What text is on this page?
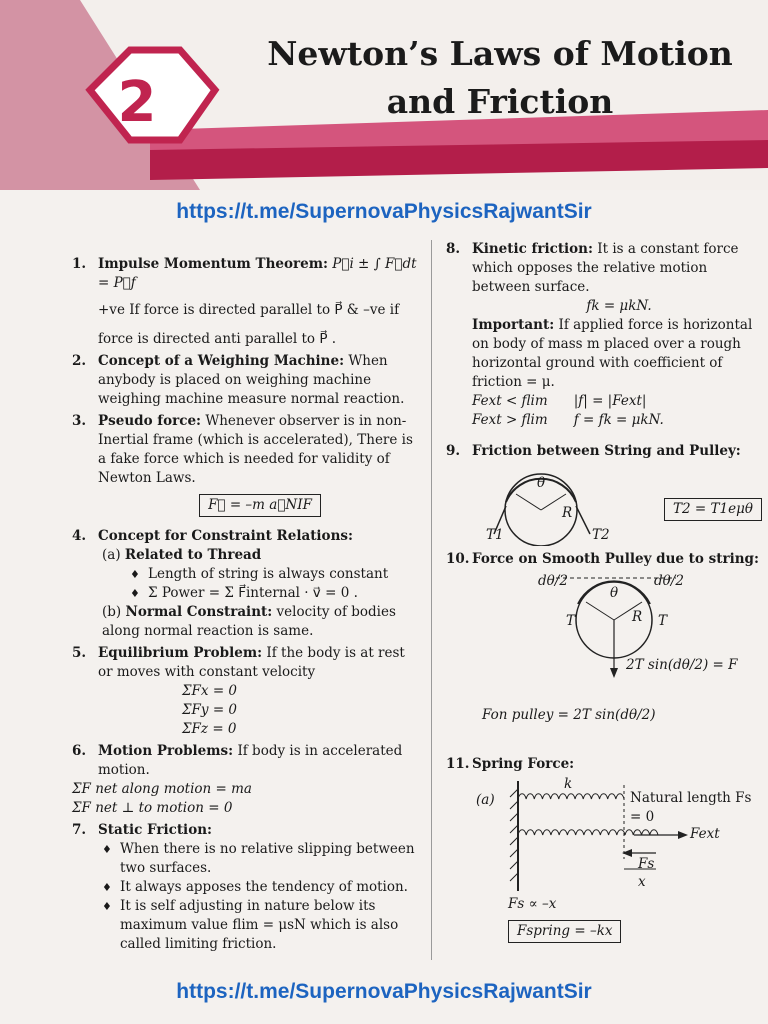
2
Newton’s Laws of Motion
and Friction
https://t.me/SupernovaPhysicsRajwantSir
1. Impulse Momentum Theorem: P⃗i ± ∫ F⃗dt = P⃗f
+ve If force is directed parallel to P⃗ & –ve if
force is directed anti parallel to P⃗ .
2. Concept of a Weighing Machine: When anybody is placed on weighing machine weighing machine measure normal reaction.
3. Pseudo force: Whenever observer is in non-Inertial frame (which is accelerated), There is a fake force which is needed for validity of Newton Laws.
F⃗ = –m a⃗NIF
4. Concept for Constraint Relations:
(a) Related to Thread
♦ Length of string is always constant
♦ Σ Power = Σ F⃗internal · v⃗ = 0 .
(b) Normal Constraint: velocity of bodies along normal reaction is same.
5. Equilibrium Problem: If the body is at rest or moves with constant velocity
ΣFx = 0
ΣFy = 0
ΣFz = 0
6. Motion Problems: If body is in accelerated motion.
ΣF net along motion = ma
ΣF net ⊥ to motion = 0
7. Static Friction:
♦ When there is no relative slipping between two surfaces.
♦ It always apposes the tendency of motion.
♦ It is self adjusting in nature below its maximum value flim = μsN which is also called limiting friction.
8. Kinetic friction: It is a constant force which opposes the relative motion between surface.
fk = μkN.
Important: If applied force is horizontal on body of mass m placed over a rough horizontal ground with coefficient of friction = μ.
Fext < flim |f| = |Fext|
Fext > flim f = fk = μkN.
9. Friction between String and Pulley:
θ
R
T1	T2
T2 = T1eμθ
10. Force on Smooth Pulley due to string:
dθ/2	dθ/2
θ
R
T	T
2T sin(dθ/2) = F
Fon pulley = 2T sin(dθ/2)
11. Spring Force:
(a)
k
Natural length Fs = 0
Fext
Fs
x
Fs ∝ –x
Fspring = –kx
https://t.me/SupernovaPhysicsRajwantSir
